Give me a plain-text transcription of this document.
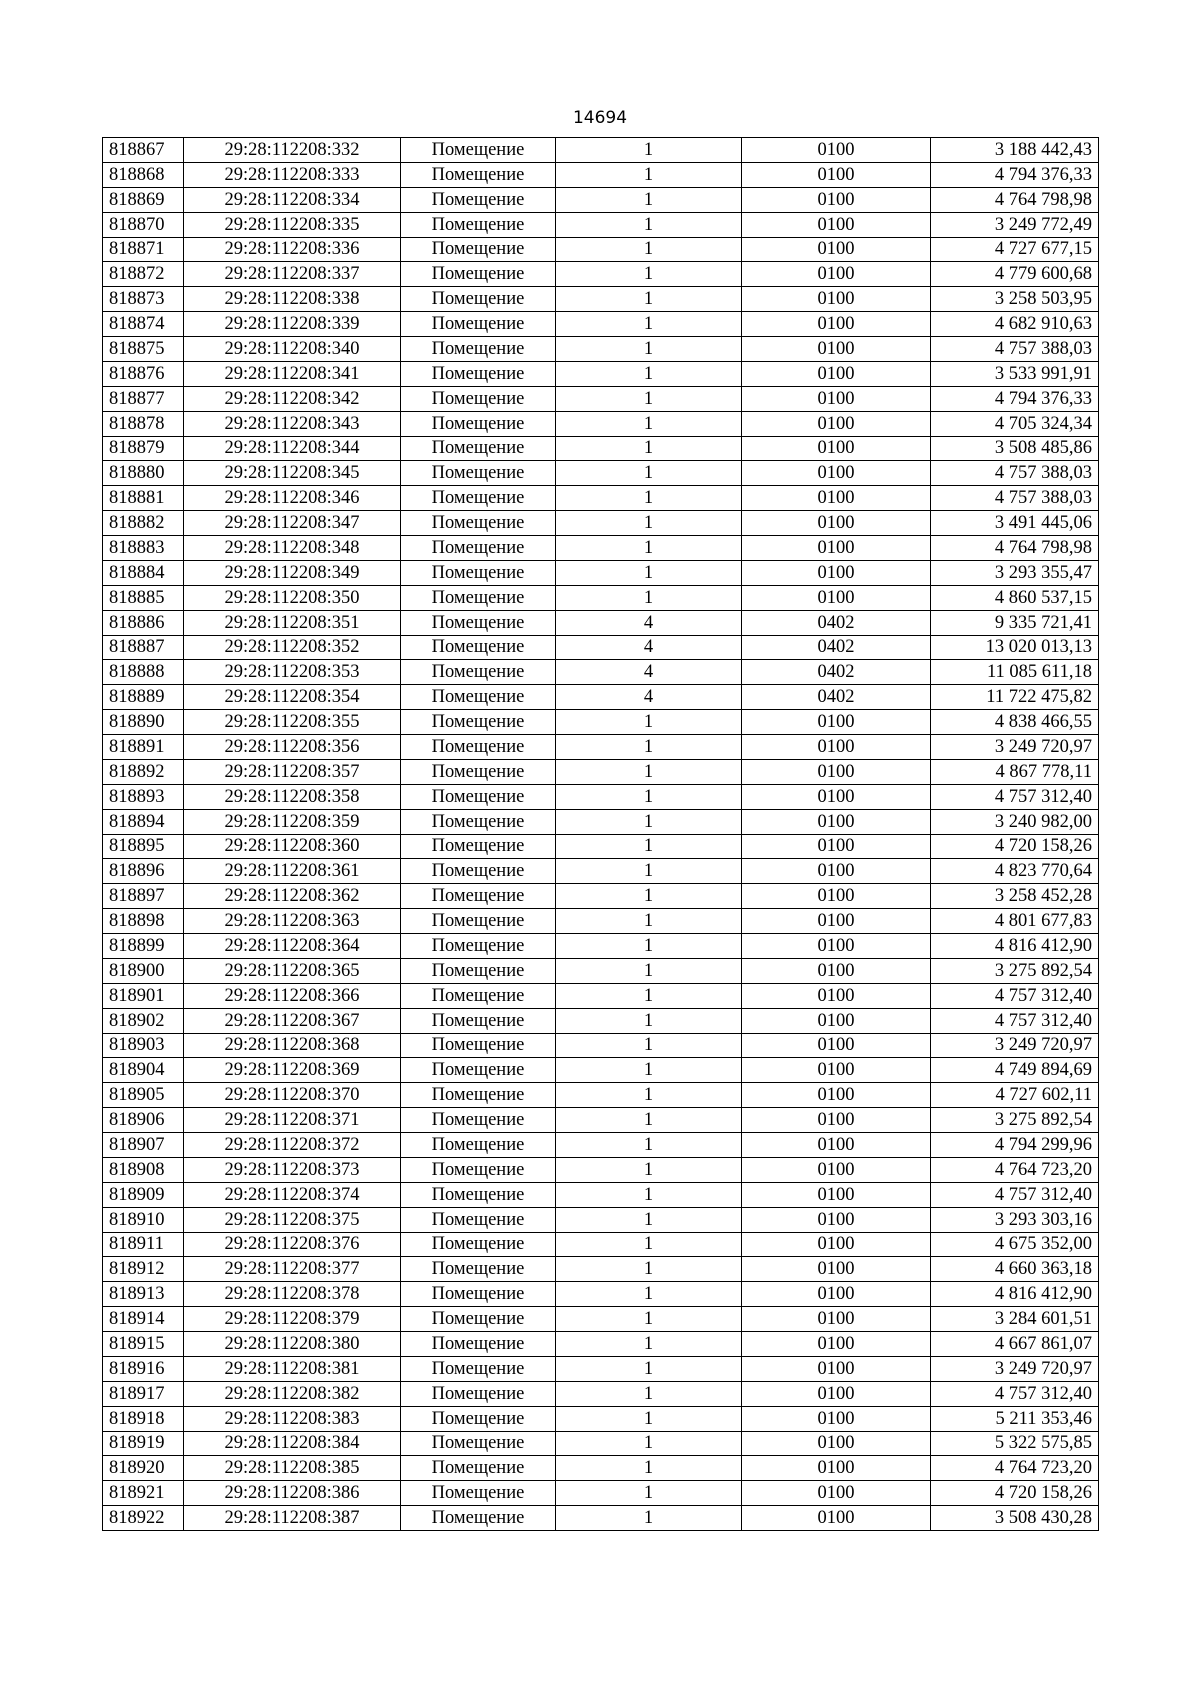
14694
818867	29:28:112208:332	Помещение	1	0100	3 188 442,43
818868	29:28:112208:333	Помещение	1	0100	4 794 376,33
818869	29:28:112208:334	Помещение	1	0100	4 764 798,98
818870	29:28:112208:335	Помещение	1	0100	3 249 772,49
818871	29:28:112208:336	Помещение	1	0100	4 727 677,15
818872	29:28:112208:337	Помещение	1	0100	4 779 600,68
818873	29:28:112208:338	Помещение	1	0100	3 258 503,95
818874	29:28:112208:339	Помещение	1	0100	4 682 910,63
818875	29:28:112208:340	Помещение	1	0100	4 757 388,03
818876	29:28:112208:341	Помещение	1	0100	3 533 991,91
818877	29:28:112208:342	Помещение	1	0100	4 794 376,33
818878	29:28:112208:343	Помещение	1	0100	4 705 324,34
818879	29:28:112208:344	Помещение	1	0100	3 508 485,86
818880	29:28:112208:345	Помещение	1	0100	4 757 388,03
818881	29:28:112208:346	Помещение	1	0100	4 757 388,03
818882	29:28:112208:347	Помещение	1	0100	3 491 445,06
818883	29:28:112208:348	Помещение	1	0100	4 764 798,98
818884	29:28:112208:349	Помещение	1	0100	3 293 355,47
818885	29:28:112208:350	Помещение	1	0100	4 860 537,15
818886	29:28:112208:351	Помещение	4	0402	9 335 721,41
818887	29:28:112208:352	Помещение	4	0402	13 020 013,13
818888	29:28:112208:353	Помещение	4	0402	11 085 611,18
818889	29:28:112208:354	Помещение	4	0402	11 722 475,82
818890	29:28:112208:355	Помещение	1	0100	4 838 466,55
818891	29:28:112208:356	Помещение	1	0100	3 249 720,97
818892	29:28:112208:357	Помещение	1	0100	4 867 778,11
818893	29:28:112208:358	Помещение	1	0100	4 757 312,40
818894	29:28:112208:359	Помещение	1	0100	3 240 982,00
818895	29:28:112208:360	Помещение	1	0100	4 720 158,26
818896	29:28:112208:361	Помещение	1	0100	4 823 770,64
818897	29:28:112208:362	Помещение	1	0100	3 258 452,28
818898	29:28:112208:363	Помещение	1	0100	4 801 677,83
818899	29:28:112208:364	Помещение	1	0100	4 816 412,90
818900	29:28:112208:365	Помещение	1	0100	3 275 892,54
818901	29:28:112208:366	Помещение	1	0100	4 757 312,40
818902	29:28:112208:367	Помещение	1	0100	4 757 312,40
818903	29:28:112208:368	Помещение	1	0100	3 249 720,97
818904	29:28:112208:369	Помещение	1	0100	4 749 894,69
818905	29:28:112208:370	Помещение	1	0100	4 727 602,11
818906	29:28:112208:371	Помещение	1	0100	3 275 892,54
818907	29:28:112208:372	Помещение	1	0100	4 794 299,96
818908	29:28:112208:373	Помещение	1	0100	4 764 723,20
818909	29:28:112208:374	Помещение	1	0100	4 757 312,40
818910	29:28:112208:375	Помещение	1	0100	3 293 303,16
818911	29:28:112208:376	Помещение	1	0100	4 675 352,00
818912	29:28:112208:377	Помещение	1	0100	4 660 363,18
818913	29:28:112208:378	Помещение	1	0100	4 816 412,90
818914	29:28:112208:379	Помещение	1	0100	3 284 601,51
818915	29:28:112208:380	Помещение	1	0100	4 667 861,07
818916	29:28:112208:381	Помещение	1	0100	3 249 720,97
818917	29:28:112208:382	Помещение	1	0100	4 757 312,40
818918	29:28:112208:383	Помещение	1	0100	5 211 353,46
818919	29:28:112208:384	Помещение	1	0100	5 322 575,85
818920	29:28:112208:385	Помещение	1	0100	4 764 723,20
818921	29:28:112208:386	Помещение	1	0100	4 720 158,26
818922	29:28:112208:387	Помещение	1	0100	3 508 430,28
